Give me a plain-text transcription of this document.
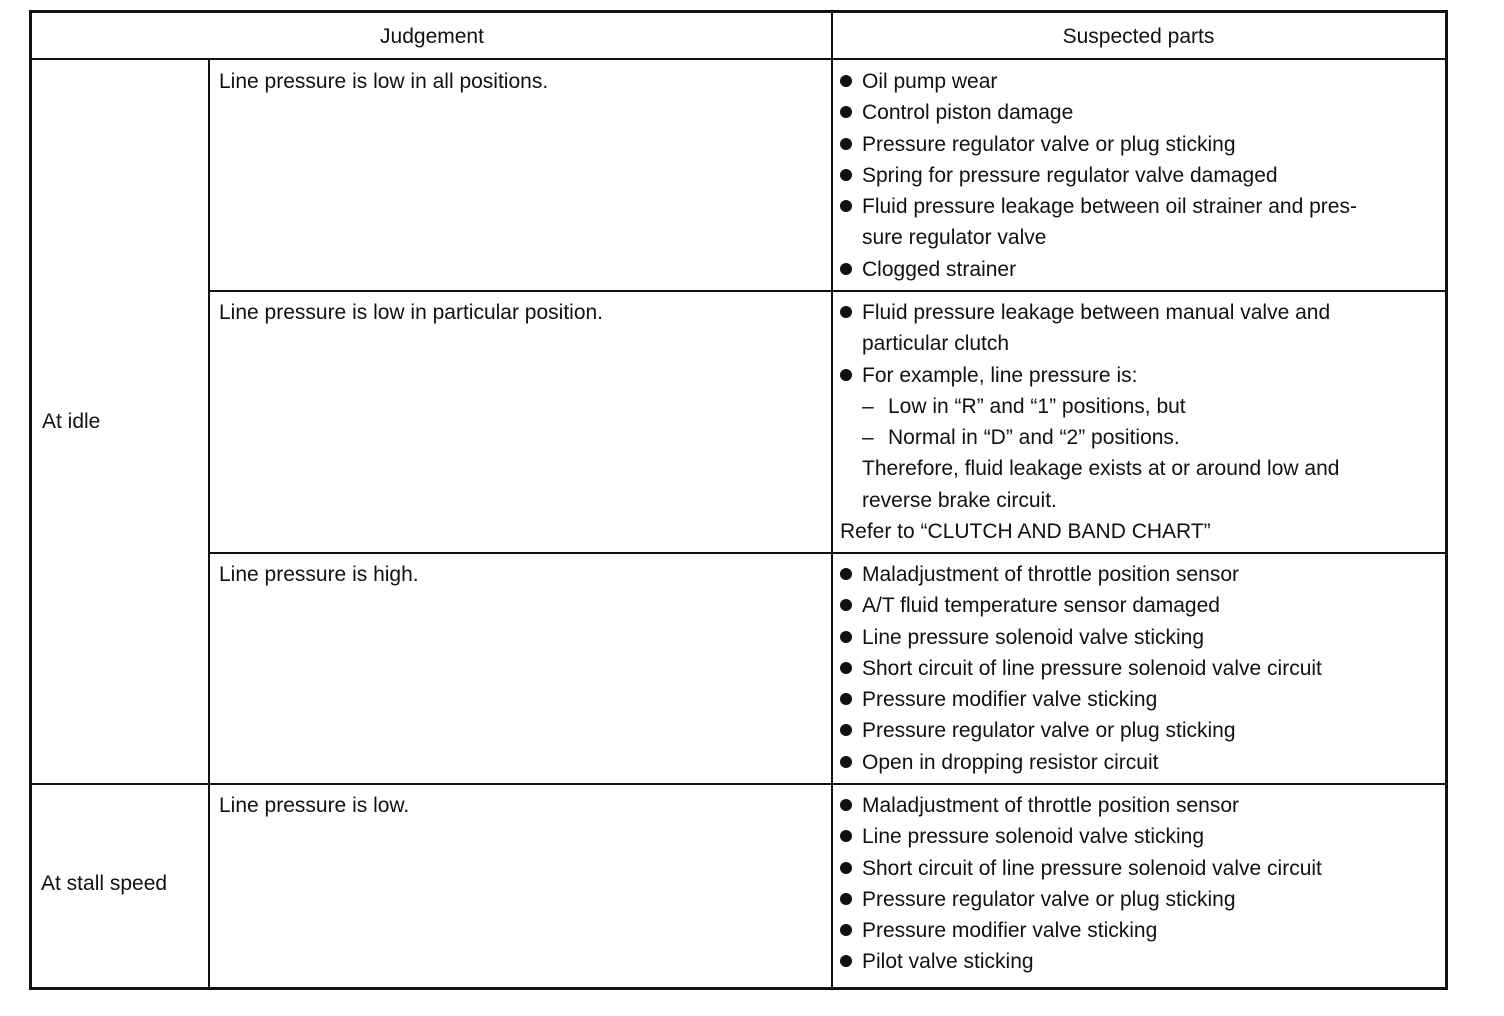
Judgement	Suspected parts
At idle
At stall speed
Line pressure is low in all positions.
Line pressure is low in particular position.
Line pressure is high.
Line pressure is low.
Oil pump wear
Control piston damage
Pressure regulator valve or plug sticking
Spring for pressure regulator valve damaged
Fluid pressure leakage between oil strainer and pres-
sure regulator valve
Clogged strainer
Fluid pressure leakage between manual valve and
particular clutch
For example, line pressure is:
– Low in “R” and “1” positions, but
– Normal in “D” and “2” positions.
Therefore, fluid leakage exists at or around low and
reverse brake circuit.
Refer to “CLUTCH AND BAND CHART”
Maladjustment of throttle position sensor
A/T fluid temperature sensor damaged
Line pressure solenoid valve sticking
Short circuit of line pressure solenoid valve circuit
Pressure modifier valve sticking
Pressure regulator valve or plug sticking
Open in dropping resistor circuit
Maladjustment of throttle position sensor
Line pressure solenoid valve sticking
Short circuit of line pressure solenoid valve circuit
Pressure regulator valve or plug sticking
Pressure modifier valve sticking
Pilot valve sticking
